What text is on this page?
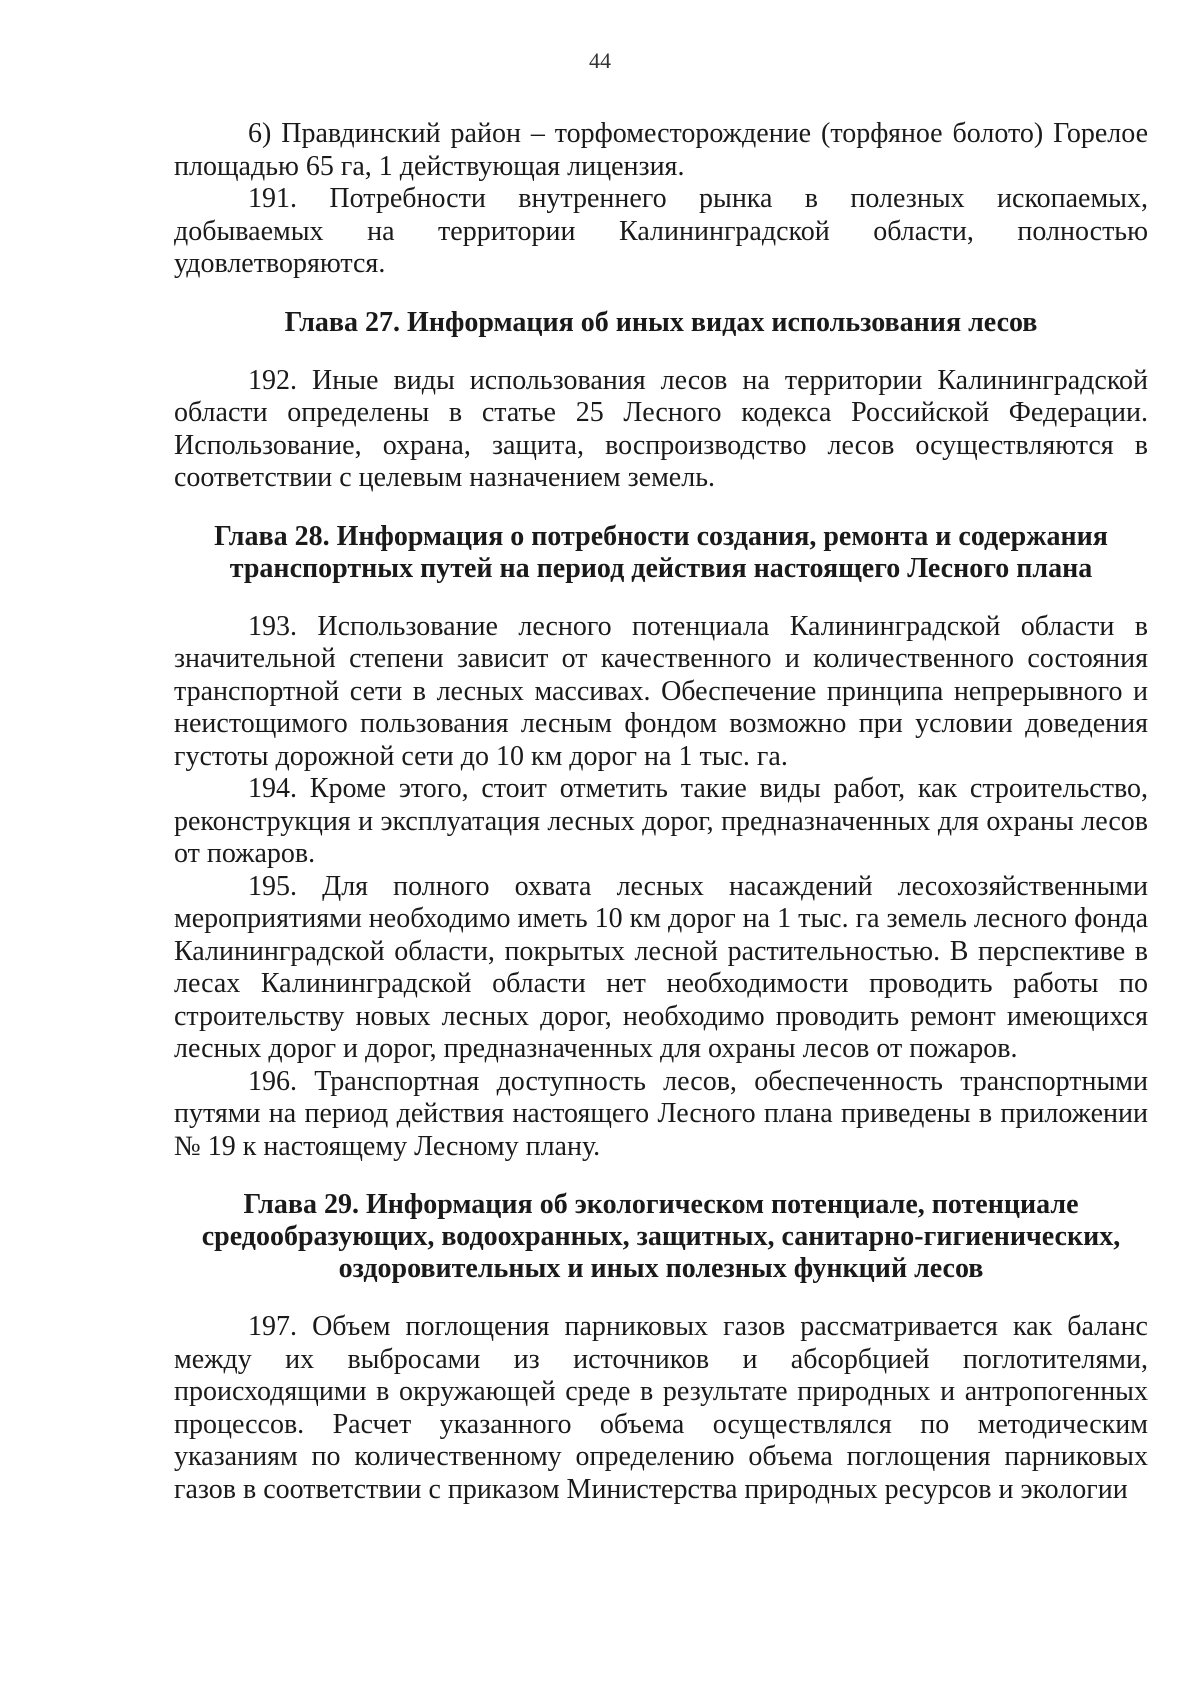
44

6) Правдинский район – торфоместорождение (торфяное болото) Горелое площадью 65 га, 1 действующая лицензия.

191. Потребности внутреннего рынка в полезных ископаемых, добываемых на территории Калининградской области, полностью удовлетворяются.

Глава 27. Информация об иных видах использования лесов

192. Иные виды использования лесов на территории Калининградской области определены в статье 25 Лесного кодекса Российской Федерации. Использование, охрана, защита, воспроизводство лесов осуществляются в соответствии с целевым назначением земель.

Глава 28. Информация о потребности создания, ремонта и содержания
транспортных путей на период действия настоящего Лесного плана

193. Использование лесного потенциала Калининградской области в значительной степени зависит от качественного и количественного состояния транспортной сети в лесных массивах. Обеспечение принципа непрерывного и неистощимого пользования лесным фондом возможно при условии доведения густоты дорожной сети до 10 км дорог на 1 тыс. га.

194. Кроме этого, стоит отметить такие виды работ, как строительство, реконструкция и эксплуатация лесных дорог, предназначенных для охраны лесов от пожаров.

195. Для полного охвата лесных насаждений лесохозяйственными мероприятиями необходимо иметь 10 км дорог на 1 тыс. га земель лесного фонда Калининградской области, покрытых лесной растительностью. В перспективе в лесах Калининградской области нет необходимости проводить работы по строительству новых лесных дорог, необходимо проводить ремонт имеющихся лесных дорог и дорог, предназначенных для охраны лесов от пожаров.

196. Транспортная доступность лесов, обеспеченность транспортными путями на период действия настоящего Лесного плана приведены в приложении № 19 к настоящему Лесному плану.

Глава 29. Информация об экологическом потенциале, потенциале
средообразующих, водоохранных, защитных, санитарно-гигиенических,
оздоровительных и иных полезных функций лесов

197. Объем поглощения парниковых газов рассматривается как баланс между их выбросами из источников и абсорбцией поглотителями, происходящими в окружающей среде в результате природных и антропогенных процессов. Расчет указанного объема осуществлялся по методическим указаниям по количественному определению объема поглощения парниковых газов в соответствии с приказом Министерства природных ресурсов и экологии
